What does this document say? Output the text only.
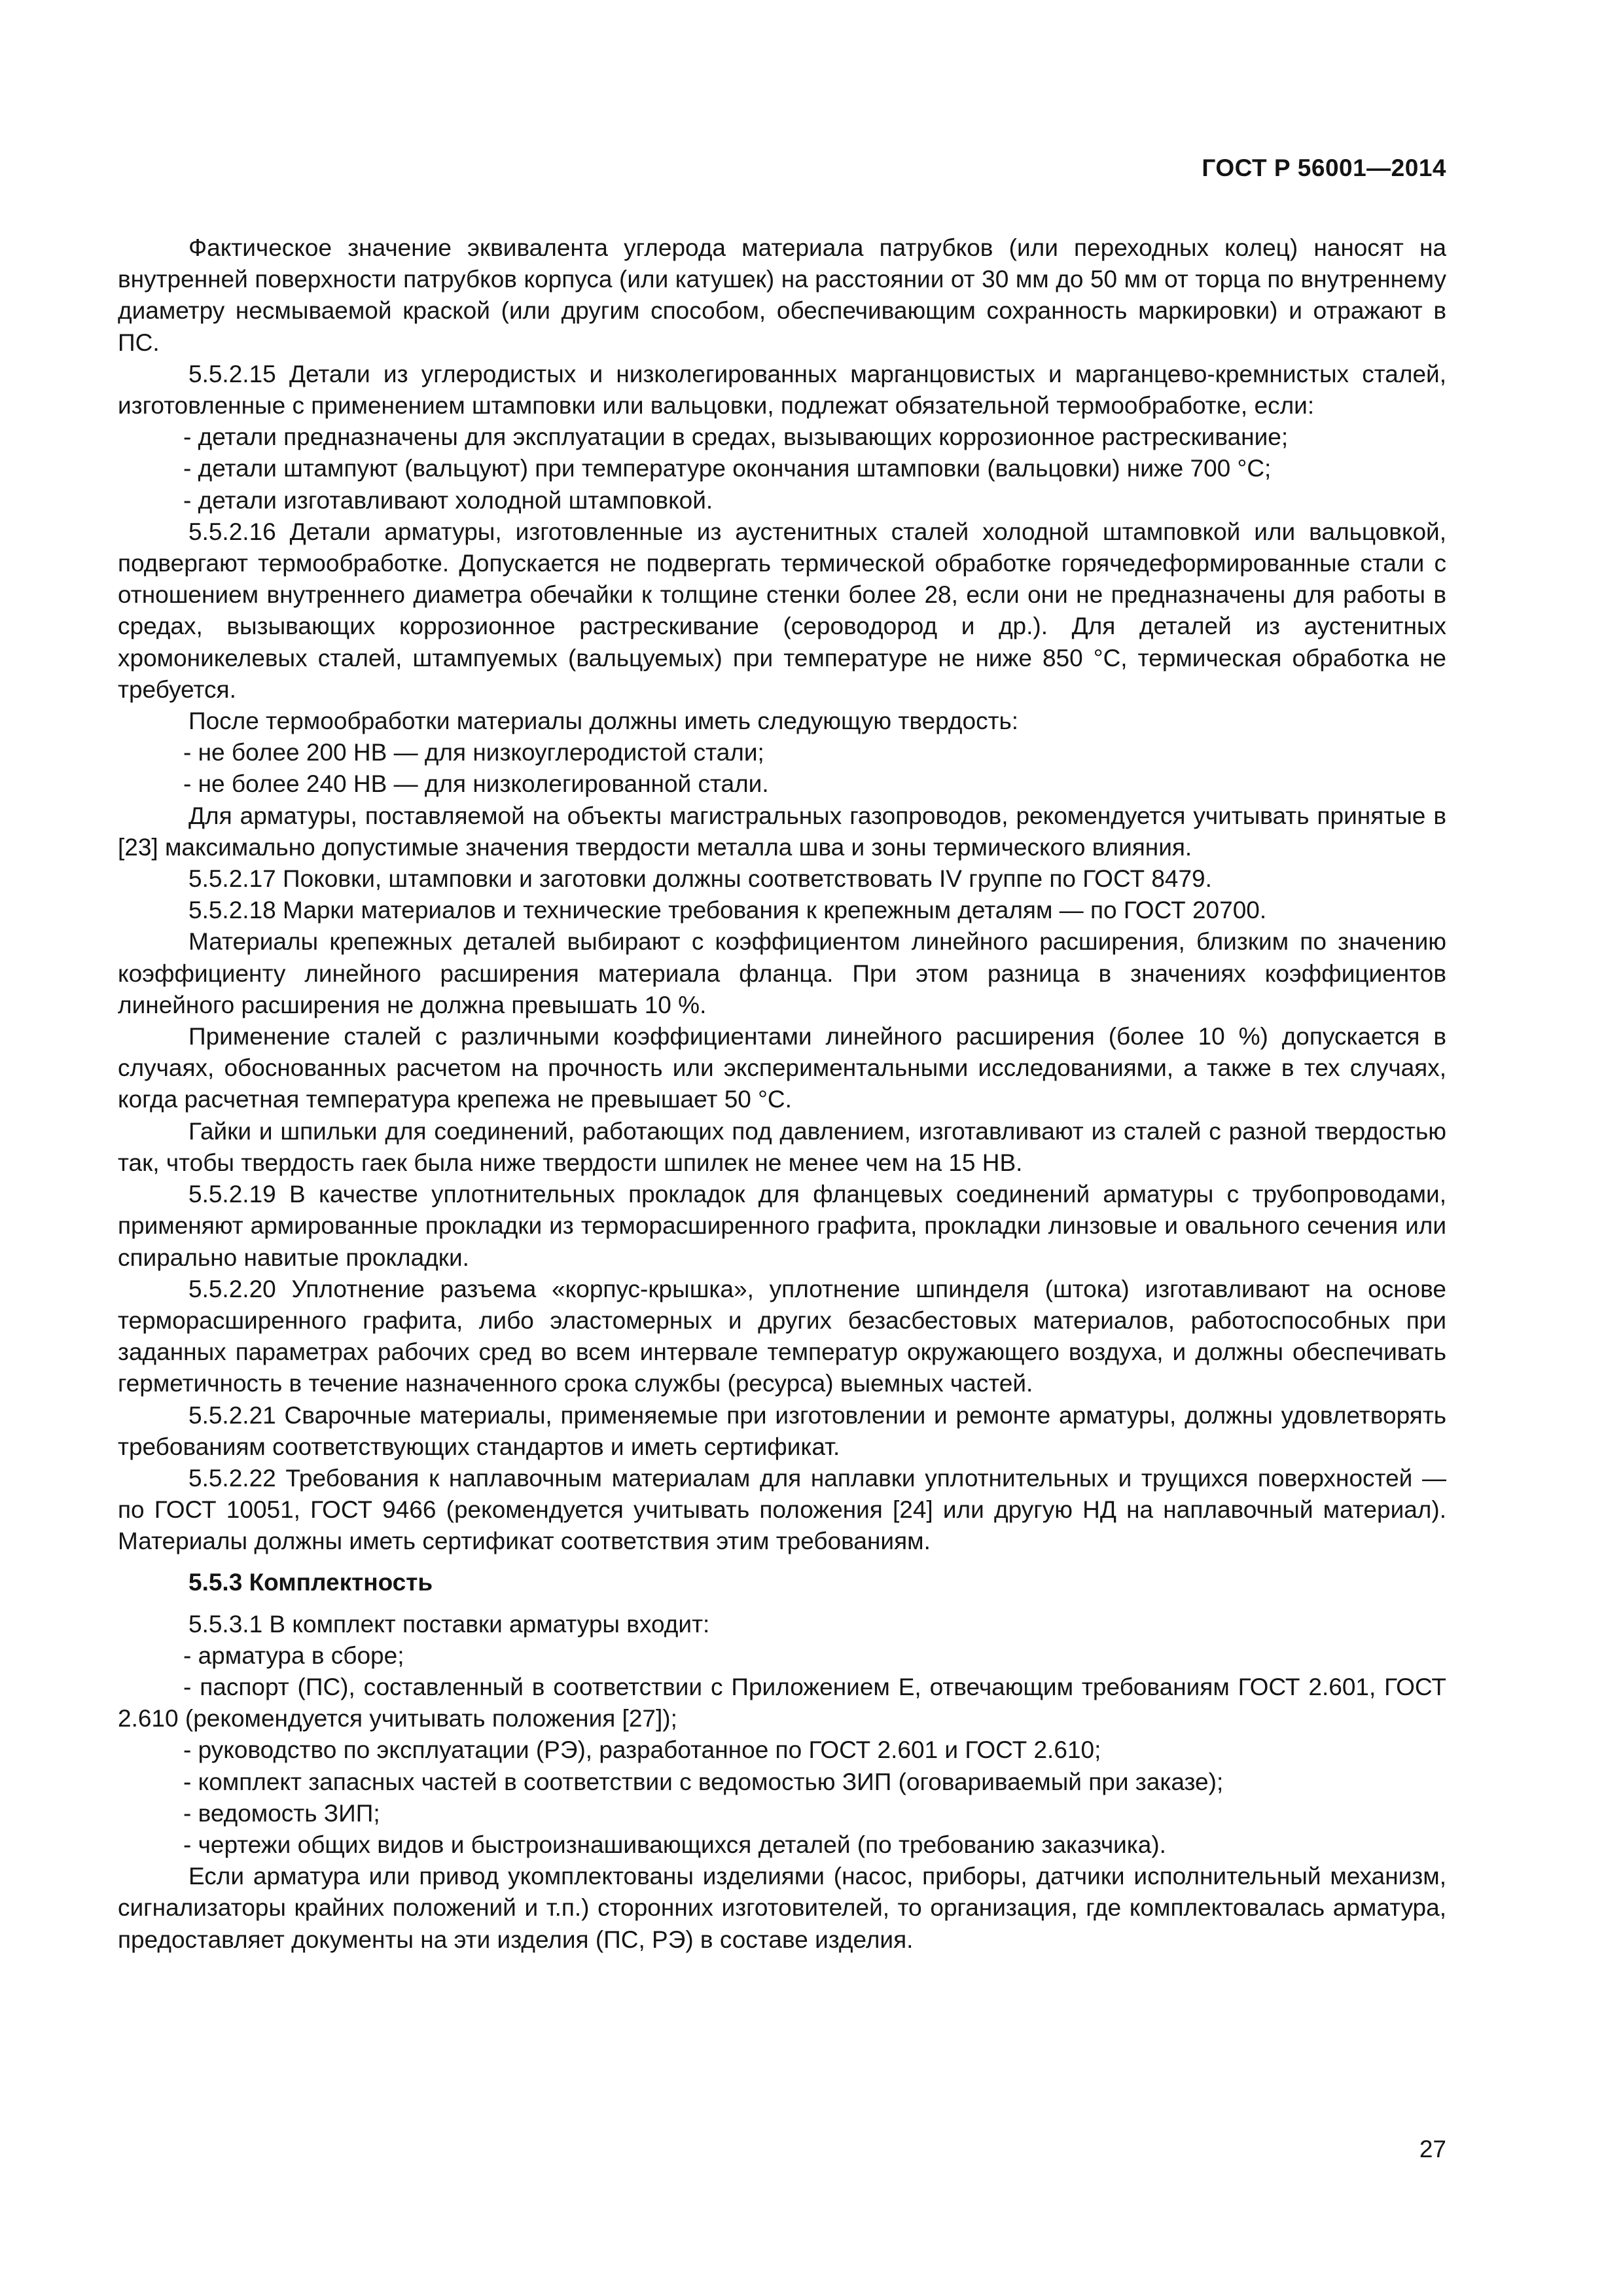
ГОСТ Р 56001—2014

Фактическое значение эквивалента углерода материала патрубков (или переходных колец) наносят на внутренней поверхности патрубков корпуса (или катушек) на расстоянии от 30 мм до 50 мм от торца по внутреннему диаметру несмываемой краской (или другим способом, обеспечивающим сохранность маркировки) и отражают в ПС.

5.5.2.15 Детали из углеродистых и низколегированных марганцовистых и марганцево-кремнистых сталей, изготовленные с применением штамповки или вальцовки, подлежат обязательной термообработке, если:

- детали предназначены для эксплуатации в средах, вызывающих коррозионное растрескивание;

- детали штампуют (вальцуют) при температуре окончания штамповки (вальцовки) ниже 700 °С;

- детали изготавливают холодной штамповкой.

5.5.2.16 Детали арматуры, изготовленные из аустенитных сталей холодной штамповкой или вальцовкой, подвергают термообработке. Допускается не подвергать термической обработке горячедеформированные стали с отношением внутреннего диаметра обечайки к толщине стенки более 28, если они не предназначены для работы в средах, вызывающих коррозионное растрескивание (сероводород и др.). Для деталей из аустенитных хромоникелевых сталей, штампуемых (вальцуемых) при температуре не ниже 850 °С, термическая обработка не требуется.

После термообработки материалы должны иметь следующую твердость:

- не более 200 НВ — для низкоуглеродистой стали;

- не более 240 НВ — для низколегированной стали.

Для арматуры, поставляемой на объекты магистральных газопроводов, рекомендуется учитывать принятые в [23] максимально допустимые значения твердости металла шва и зоны термического влияния.

5.5.2.17 Поковки, штамповки и заготовки должны соответствовать IV группе по ГОСТ 8479.

5.5.2.18 Марки материалов и технические требования к крепежным деталям — по ГОСТ 20700.

Материалы крепежных деталей выбирают с коэффициентом линейного расширения, близким по значению коэффициенту линейного расширения материала фланца. При этом разница в значениях коэффициентов линейного расширения не должна превышать 10 %.

Применение сталей с различными коэффициентами линейного расширения (более 10 %) допускается в случаях, обоснованных расчетом на прочность или экспериментальными исследованиями, а также в тех случаях, когда расчетная температура крепежа не превышает 50 °С.

Гайки и шпильки для соединений, работающих под давлением, изготавливают из сталей с разной твердостью так, чтобы твердость гаек была ниже твердости шпилек не менее чем на 15 НВ.

5.5.2.19 В качестве уплотнительных прокладок для фланцевых соединений арматуры с трубопроводами, применяют армированные прокладки из терморасширенного графита, прокладки линзовые и овального сечения или спирально навитые прокладки.

5.5.2.20 Уплотнение разъема «корпус-крышка», уплотнение шпинделя (штока) изготавливают на основе терморасширенного графита, либо эластомерных и других безасбестовых материалов, работоспособных при заданных параметрах рабочих сред во всем интервале температур окружающего воздуха, и должны обеспечивать герметичность в течение назначенного срока службы (ресурса) выемных частей.

5.5.2.21 Сварочные материалы, применяемые при изготовлении и ремонте арматуры, должны удовлетворять требованиям соответствующих стандартов и иметь сертификат.

5.5.2.22 Требования к наплавочным материалам для наплавки уплотнительных и трущихся поверхностей — по ГОСТ 10051, ГОСТ 9466 (рекомендуется учитывать положения [24] или другую НД на наплавочный материал). Материалы должны иметь сертификат соответствия этим требованиям.

5.5.3 Комплектность

5.5.3.1 В комплект поставки арматуры входит:

- арматура в сборе;

- паспорт (ПС), составленный в соответствии с Приложением Е, отвечающим требованиям ГОСТ 2.601, ГОСТ 2.610 (рекомендуется учитывать положения [27]);

- руководство по эксплуатации (РЭ), разработанное по ГОСТ 2.601 и ГОСТ 2.610;

- комплект запасных частей в соответствии с ведомостью ЗИП (оговариваемый при заказе);

- ведомость ЗИП;

- чертежи общих видов и быстроизнашивающихся деталей (по требованию заказчика).

Если арматура или привод укомплектованы изделиями (насос, приборы, датчики исполнительный механизм, сигнализаторы крайних положений и т.п.) сторонних изготовителей, то организация, где комплектовалась арматура, предоставляет документы на эти изделия (ПС, РЭ) в составе изделия.

27
